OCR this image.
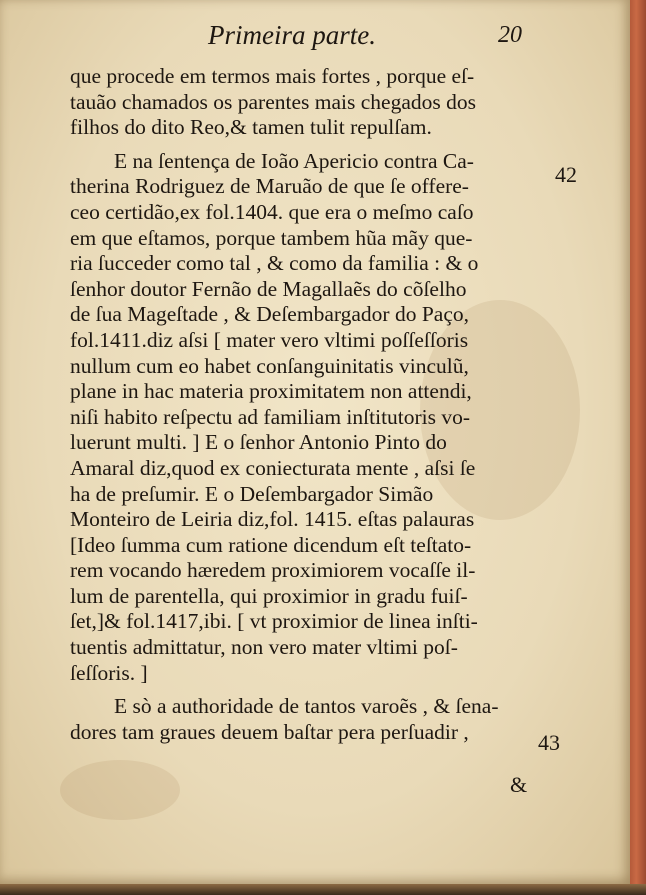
Primeira parte.	20
que procede em termos mais fortes , porque eſ-
tauão chamados os parentes mais chegados dos
filhos do dito Reo,& tamen tulit repulſam.
E na ſentença de Ioão Apericio contra Ca-
therina Rodriguez de Maruão de que ſe offere-
ceo certidão,ex fol.1404. que era o meſmo caſo
em que eſtamos, porque tambem hũa mãy que-
ria ſucceder como tal , & como da familia : & o
ſenhor doutor Fernão de Magallaẽs do cõſelho
de ſua Mageſtade , & Deſembargador do Paço,
fol.1411.diz aſsi [ mater vero vltimi poſſeſſoris
nullum cum eo habet conſanguinitatis vinculũ,
plane in hac materia proximitatem non attendi,
niſi habito reſpectu ad familiam inſtitutoris vo-
luerunt multi. ] E o ſenhor Antonio Pinto do
Amaral diz,quod ex coniecturata mente , aſsi ſe
ha de preſumir. E o Deſembargador Simão
Monteiro de Leiria diz,fol. 1415. eſtas palauras
[Ideo ſumma cum ratione dicendum eſt teſtato-
rem vocando hæredem proximiorem vocaſſe il-
lum de parentella, qui proximior in gradu fuiſ-
ſet,]& fol.1417,ibi. [ vt proximior de linea inſti-
tuentis admittatur, non vero mater vltimi poſ-
ſeſſoris. ]
E sò a authoridade de tantos varoẽs , & ſena-
dores tam graues deuem baſtar pera perſuadir ,
42
43
&
